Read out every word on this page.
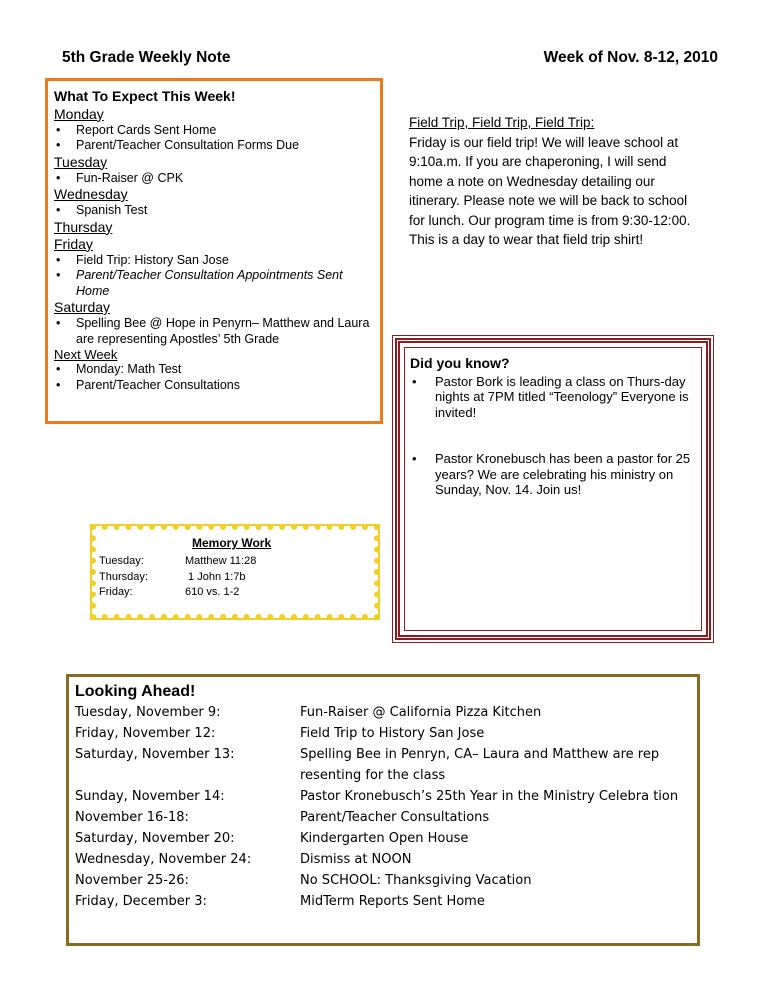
5th Grade Weekly Note	Week of Nov. 8-12, 2010
What To Expect This Week!
Monday
• Report Cards Sent Home
• Parent/Teacher Consultation Forms Due
Tuesday
• Fun-Raiser @ CPK
Wednesday
• Spanish Test
Thursday
Friday
• Field Trip: History San Jose
• Parent/Teacher Consultation Appointments Sent Home
Saturday
• Spelling Bee @ Hope in Penyrn– Matthew and Laura are representing Apostles’ 5th Grade
Next Week
• Monday: Math Test
• Parent/Teacher Consultations
Field Trip, Field Trip, Field Trip:
Friday is our field trip! We will leave school at 9:10a.m. If you are chaperoning, I will send home a note on Wednesday detailing our itinerary. Please note we will be back to school for lunch. Our program time is from 9:30-12:00. This is a day to wear that field trip shirt!
Did you know?
• Pastor Bork is leading a class on Thurs-day nights at 7PM titled “Teenology” Everyone is invited!
• Pastor Kronebusch has been a pastor for 25 years? We are celebrating his ministry on Sunday, Nov. 14. Join us!
Memory Work
Tuesday:	Matthew 11:28
Thursday:	1 John 1:7b
Friday:	610 vs. 1-2
Looking Ahead!
Tuesday, November 9:	Fun-Raiser @ California Pizza Kitchen
Friday, November 12:	Field Trip to History San Jose
Saturday, November 13:	Spelling Bee in Penryn, CA– Laura and Matthew are rep resenting for the class
Sunday, November 14:	Pastor Kronebusch’s 25th Year in the Ministry Celebra tion
November 16-18:	Parent/Teacher Consultations
Saturday, November 20:	Kindergarten Open House
Wednesday, November 24:	Dismiss at NOON
November 25-26:	No SCHOOL: Thanksgiving Vacation
Friday, December 3:	MidTerm Reports Sent Home
